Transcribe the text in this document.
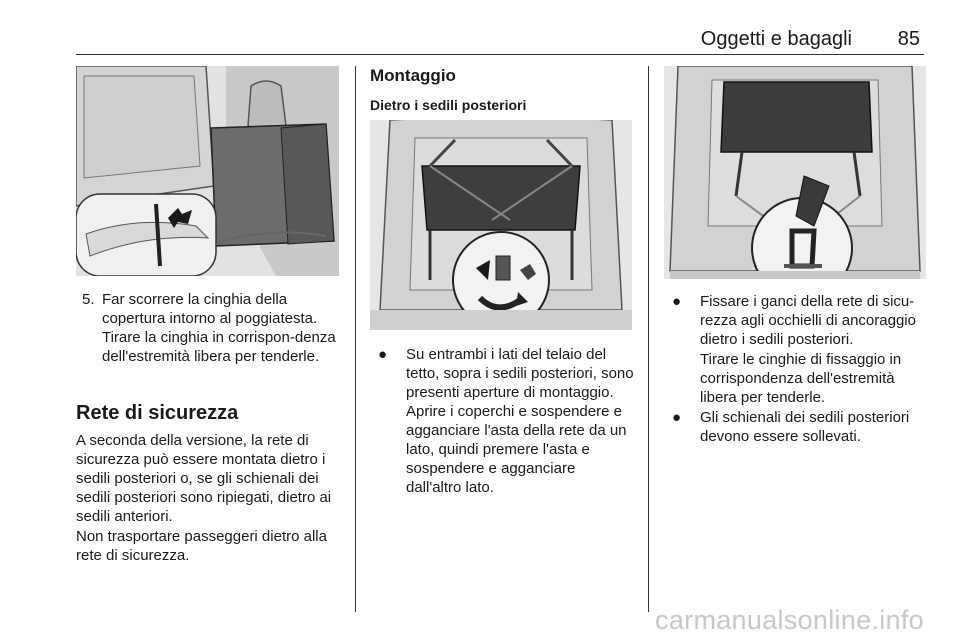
Oggetti e bagagli 85
5. Far scorrere la cinghia della copertura intorno al poggiatesta. Tirare la cinghia in corrispon-denza dell'estremità libera per tenderle.
Rete di sicurezza
A seconda della versione, la rete di sicurezza può essere montata dietro i sedili posteriori o, se gli schienali dei sedili posteriori sono ripiegati, dietro ai sedili anteriori.
Non trasportare passeggeri dietro alla rete di sicurezza.
Montaggio
Dietro i sedili posteriori
● Su entrambi i lati del telaio del tetto, sopra i sedili posteriori, sono presenti aperture di montaggio. Aprire i coperchi e sospendere e agganciare l'asta della rete da un lato, quindi premere l'asta e sospendere e agganciare dall'altro lato.
● Fissare i ganci della rete di sicu-rezza agli occhielli di ancoraggio dietro i sedili posteriori.
Tirare le cinghie di fissaggio in corrispondenza dell'estremità libera per tenderle.
● Gli schienali dei sedili posteriori devono essere sollevati.
carmanualsonline.info
